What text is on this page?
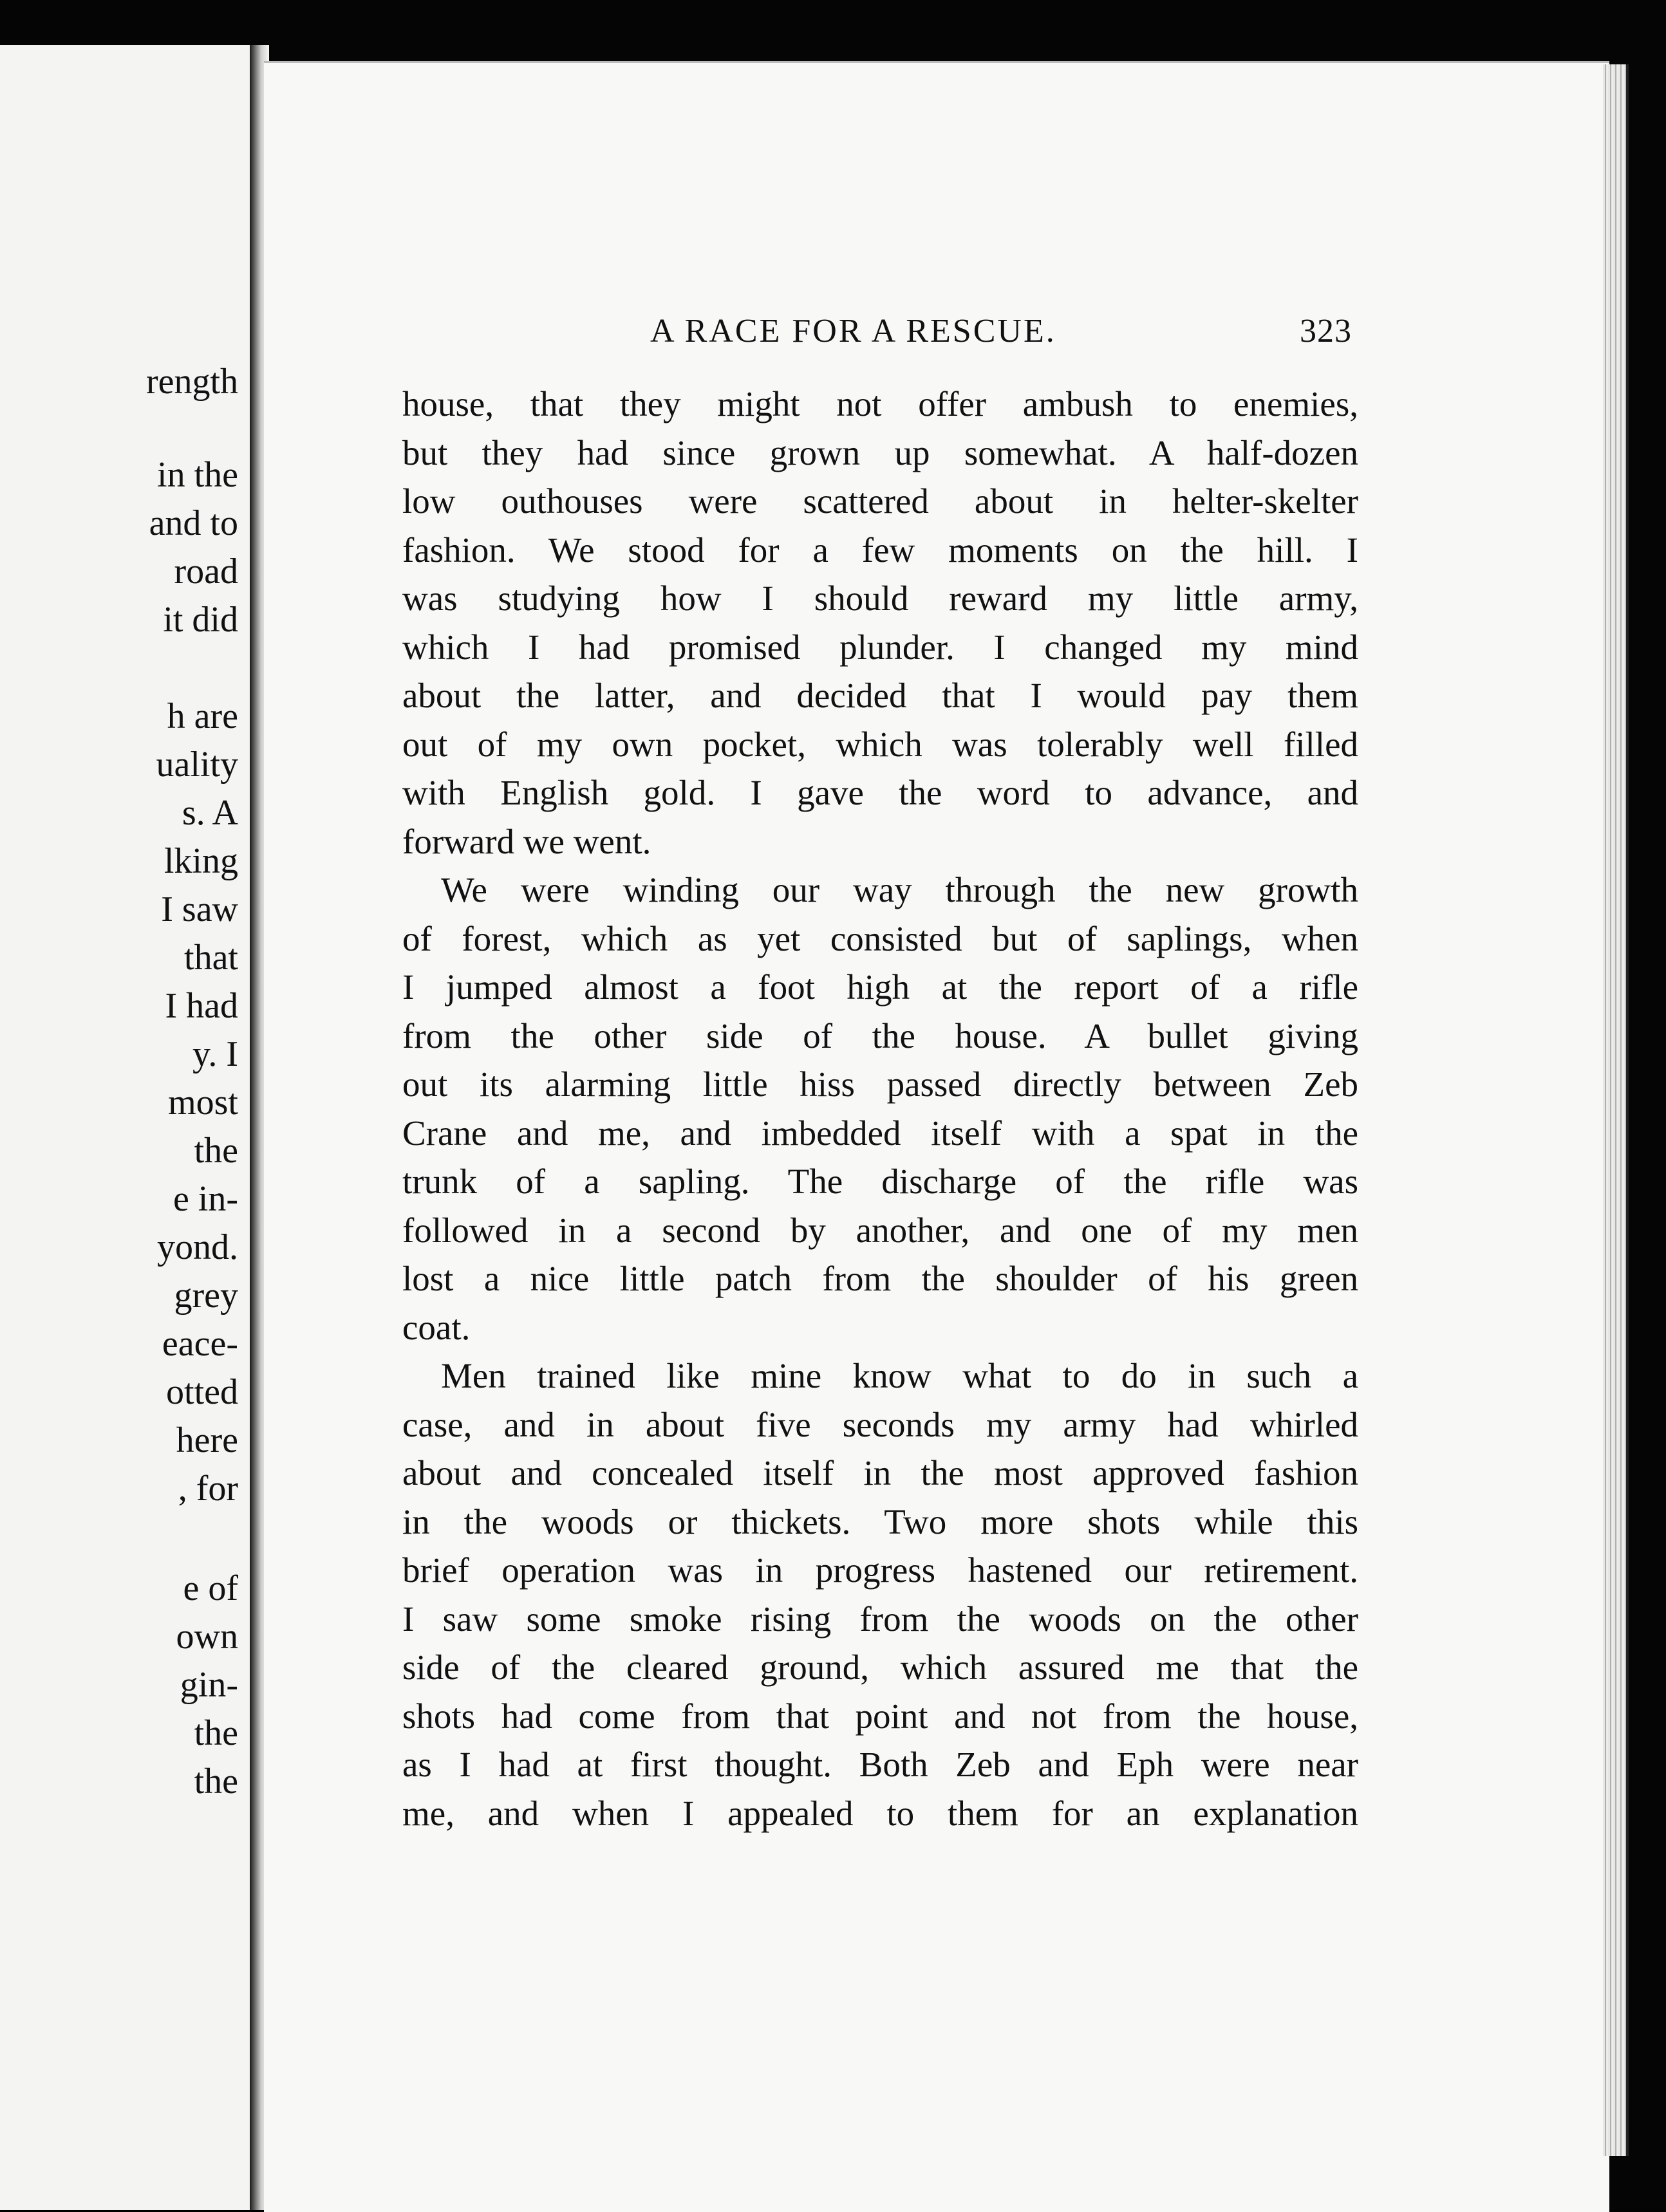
rength
in the
and to
road
it did
h are
uality
s. A
lking
I saw
that
I had
y. I
most
the
e in-
yond.
grey
eace-
otted
here
, for
e of
own
gin-
the
the
A RACE FOR A RESCUE.	323
house, that they might not offer ambush to enemies,
but they had since grown up somewhat. A half-dozen
low outhouses were scattered about in helter-skelter
fashion. We stood for a few moments on the hill. I
was studying how I should reward my little army,
which I had promised plunder. I changed my mind
about the latter, and decided that I would pay them
out of my own pocket, which was tolerably well filled
with English gold. I gave the word to advance, and
forward we went.
We were winding our way through the new growth
of forest, which as yet consisted but of saplings, when
I jumped almost a foot high at the report of a rifle
from the other side of the house. A bullet giving
out its alarming little hiss passed directly between Zeb
Crane and me, and imbedded itself with a spat in the
trunk of a sapling. The discharge of the rifle was
followed in a second by another, and one of my men
lost a nice little patch from the shoulder of his green
coat.
Men trained like mine know what to do in such a
case, and in about five seconds my army had whirled
about and concealed itself in the most approved fashion
in the woods or thickets. Two more shots while this
brief operation was in progress hastened our retirement.
I saw some smoke rising from the woods on the other
side of the cleared ground, which assured me that the
shots had come from that point and not from the house,
as I had at first thought. Both Zeb and Eph were near
me, and when I appealed to them for an explanation
